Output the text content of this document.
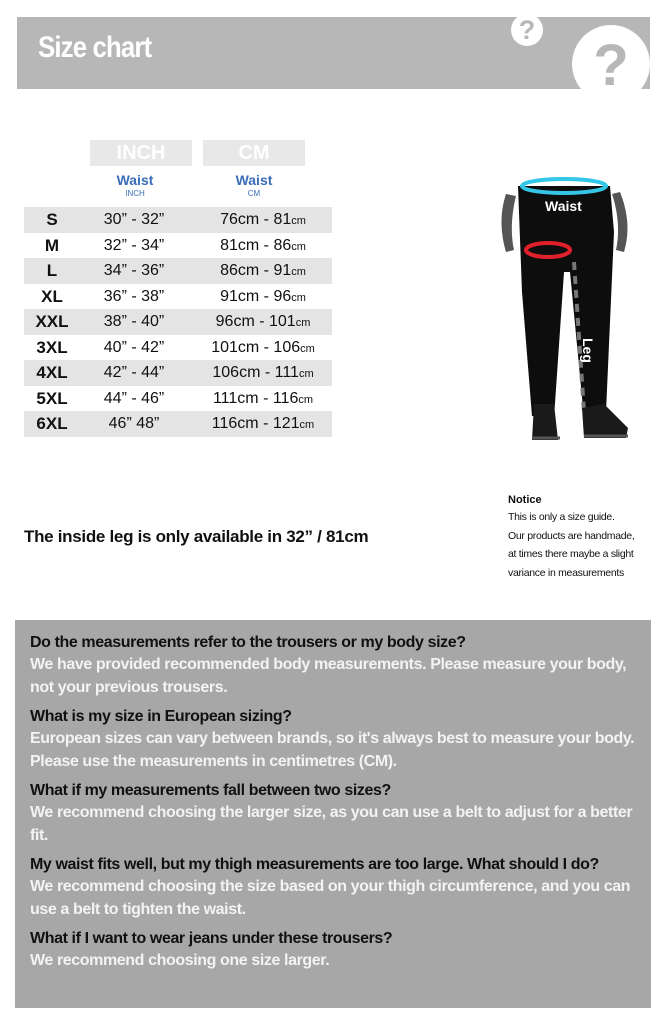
Size chart
?
?
INCH	CM
Waist
INCH
Waist
CM
S	30” - 32”	76cm - 81cm
M	32” - 34”	81cm - 86cm
L	34” - 36”	86cm - 91cm
XL	36” - 38”	91cm - 96cm
XXL	38” - 40”	96cm - 101cm
3XL	40” - 42”	101cm - 106cm
4XL	42” - 44”	106cm - 111cm
5XL	44” - 46”	111cm - 116cm
6XL	46” 48”	116cm - 121cm
Waist
Thigh
Leg
The inside leg is only available in 32” / 81cm
Notice
This is only a size guide.
Our products are handmade,
at times there maybe a slight
variance in measurements
Do the measurements refer to the trousers or my body size?
We have provided recommended body measurements. Please measure your body, not your previous trousers.
What is my size in European sizing?
European sizes can vary between brands, so it's always best to measure your body. Please use the measurements in centimetres (CM).
What if my measurements fall between two sizes?
We recommend choosing the larger size, as you can use a belt to adjust for a better fit.
My waist fits well, but my thigh measurements are too large. What should I do?
We recommend choosing the size based on your thigh circumference, and you can use a belt to tighten the waist.
What if I want to wear jeans under these trousers?
We recommend choosing one size larger.
